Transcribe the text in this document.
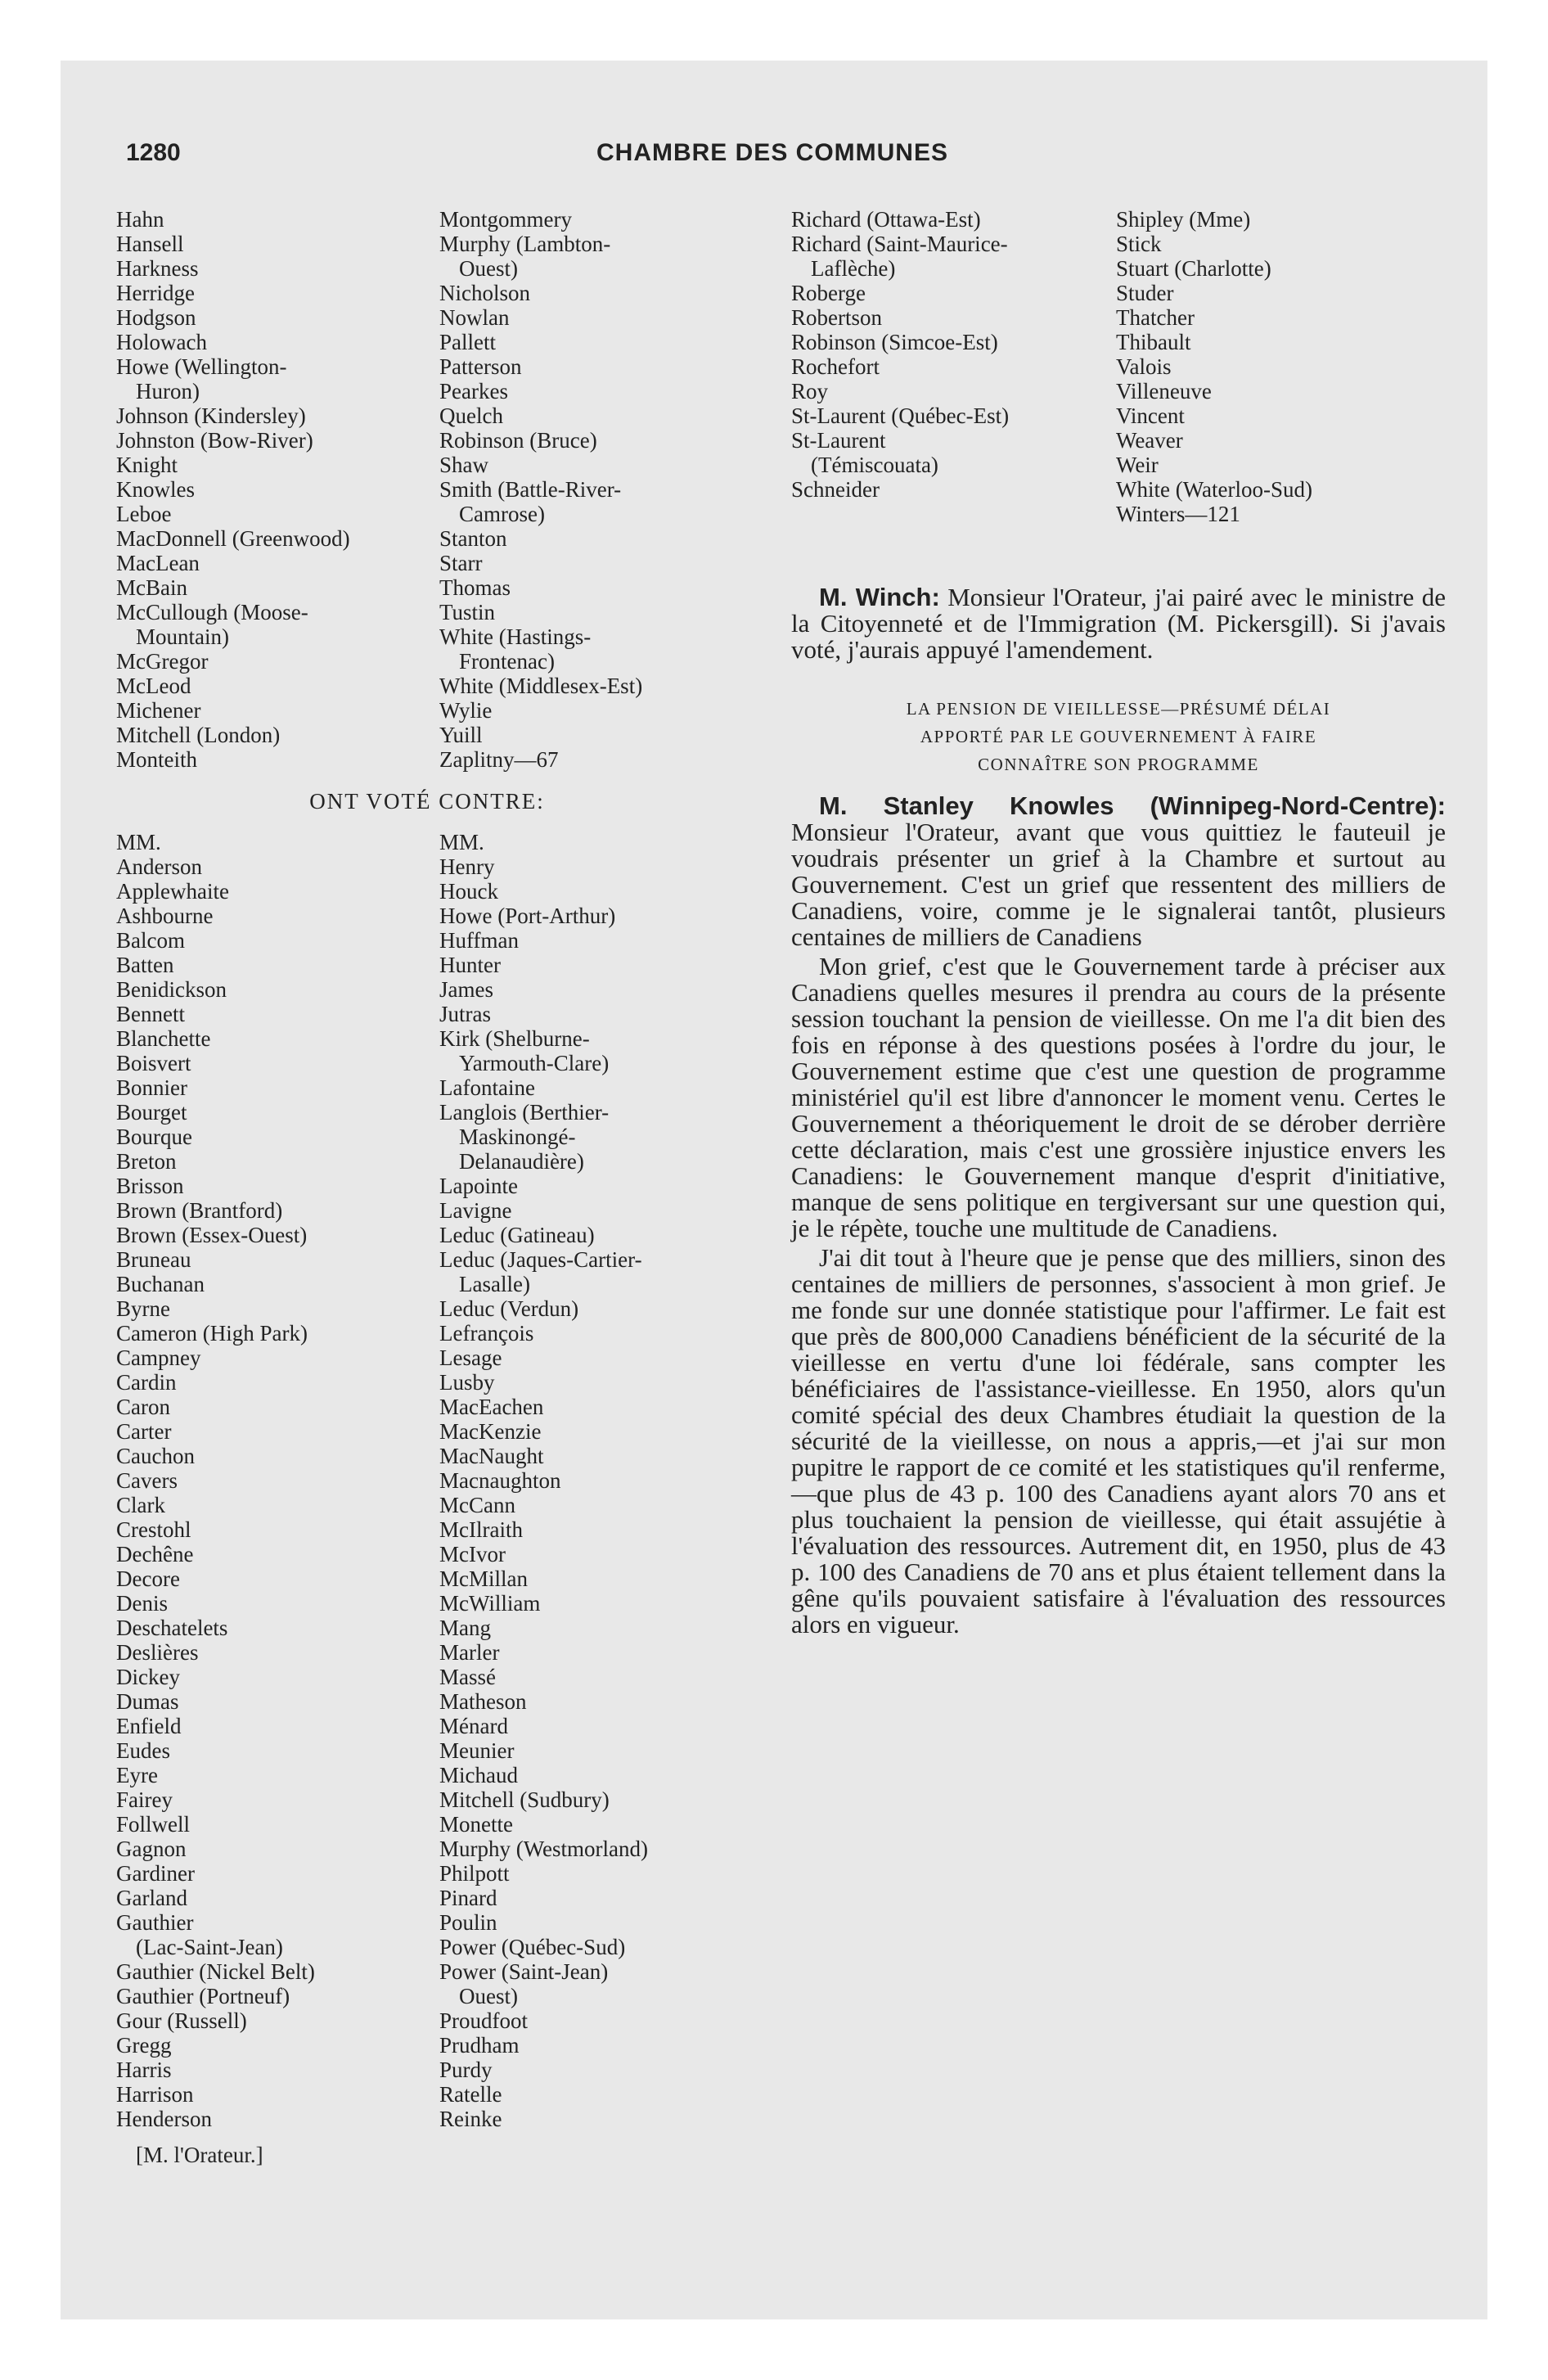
1280	CHAMBRE DES COMMUNES
Hahn
Hansell
Harkness
Herridge
Hodgson
Holowach
Howe (Wellington-
Huron)
Johnson (Kindersley)
Johnston (Bow-River)
Knight
Knowles
Leboe
MacDonnell (Greenwood)
MacLean
McBain
McCullough (Moose-
Mountain)
McGregor
McLeod
Michener
Mitchell (London)
Monteith
Montgommery
Murphy (Lambton-
Ouest)
Nicholson
Nowlan
Pallett
Patterson
Pearkes
Quelch
Robinson (Bruce)
Shaw
Smith (Battle-River-
Camrose)
Stanton
Starr
Thomas
Tustin
White (Hastings-
Frontenac)
White (Middlesex-Est)
Wylie
Yuill
Zaplitny—67
ONT VOTÉ CONTRE:
MM.	MM.
Anderson
Applewhaite
Ashbourne
Balcom
Batten
Benidickson
Bennett
Blanchette
Boisvert
Bonnier
Bourget
Bourque
Breton
Brisson
Brown (Brantford)
Brown (Essex-Ouest)
Bruneau
Buchanan
Byrne
Cameron (High Park)
Campney
Cardin
Caron
Carter
Cauchon
Cavers
Clark
Crestohl
Dechêne
Decore
Denis
Deschatelets
Deslières
Dickey
Dumas
Enfield
Eudes
Eyre
Fairey
Follwell
Gagnon
Gardiner
Garland
Gauthier
(Lac-Saint-Jean)
Gauthier (Nickel Belt)
Gauthier (Portneuf)
Gour (Russell)
Gregg
Harris
Harrison
Henderson
Henry
Houck
Howe (Port-Arthur)
Huffman
Hunter
James
Jutras
Kirk (Shelburne-
Yarmouth-Clare)
Lafontaine
Langlois (Berthier-
Maskinongé-
Delanaudière)
Lapointe
Lavigne
Leduc (Gatineau)
Leduc (Jaques-Cartier-
Lasalle)
Leduc (Verdun)
Lefrançois
Lesage
Lusby
MacEachen
MacKenzie
MacNaught
Macnaughton
McCann
McIlraith
McIvor
McMillan
McWilliam
Mang
Marler
Massé
Matheson
Ménard
Meunier
Michaud
Mitchell (Sudbury)
Monette
Murphy (Westmorland)
Philpott
Pinard
Poulin
Power (Québec-Sud)
Power (Saint-Jean)
Ouest)
Proudfoot
Prudham
Purdy
Ratelle
Reinke
[M. l'Orateur.]
Richard (Ottawa-Est)
Richard (Saint-Maurice-
Laflèche)
Roberge
Robertson
Robinson (Simcoe-Est)
Rochefort
Roy
St-Laurent (Québec-Est)
St-Laurent
(Témiscouata)
Schneider
Shipley (Mme)
Stick
Stuart (Charlotte)
Studer
Thatcher
Thibault
Valois
Villeneuve
Vincent
Weaver
Weir
White (Waterloo-Sud)
Winters—121

M. Winch: Monsieur l'Orateur, j'ai pairé avec le ministre de la Citoyenneté et de l'Immigration (M. Pickersgill). Si j'avais voté, j'aurais appuyé l'amendement.

LA PENSION DE VIEILLESSE—PRÉSUMÉ DÉLAI

APPORTÉ PAR LE GOUVERNEMENT À FAIRE

CONNAÎTRE SON PROGRAMME

M. Stanley Knowles (Winnipeg-Nord-Centre): Monsieur l'Orateur, avant que vous quittiez le fauteuil je voudrais présenter un grief à la Chambre et surtout au Gouvernement. C'est un grief que ressentent des milliers de Canadiens, voire, comme je le signalerai tantôt, plusieurs centaines de milliers de Canadiens

Mon grief, c'est que le Gouvernement tarde à préciser aux Canadiens quelles mesures il prendra au cours de la présente session touchant la pension de vieillesse. On me l'a dit bien des fois en réponse à des questions posées à l'ordre du jour, le Gouvernement estime que c'est une question de programme ministériel qu'il est libre d'annoncer le moment venu. Certes le Gouvernement a théoriquement le droit de se dérober derrière cette déclaration, mais c'est une grossière injustice envers les Canadiens: le Gouvernement manque d'esprit d'initiative, manque de sens politique en tergiversant sur une question qui, je le répète, touche une multitude de Canadiens.

J'ai dit tout à l'heure que je pense que des milliers, sinon des centaines de milliers de personnes, s'associent à mon grief. Je me fonde sur une donnée statistique pour l'affirmer. Le fait est que près de 800,000 Canadiens bénéficient de la sécurité de la vieillesse en vertu d'une loi fédérale, sans compter les bénéficiaires de l'assistance-vieillesse. En 1950, alors qu'un comité spécial des deux Chambres étudiait la question de la sécurité de la vieillesse, on nous a appris,—et j'ai sur mon pupitre le rapport de ce comité et les statistiques qu'il renferme,—que plus de 43 p. 100 des Canadiens ayant alors 70 ans et plus touchaient la pension de vieillesse, qui était assujétie à l'évaluation des ressources. Autrement dit, en 1950, plus de 43 p. 100 des Canadiens de 70 ans et plus étaient tellement dans la gêne qu'ils pouvaient satisfaire à l'évaluation des ressources alors en vigueur.
